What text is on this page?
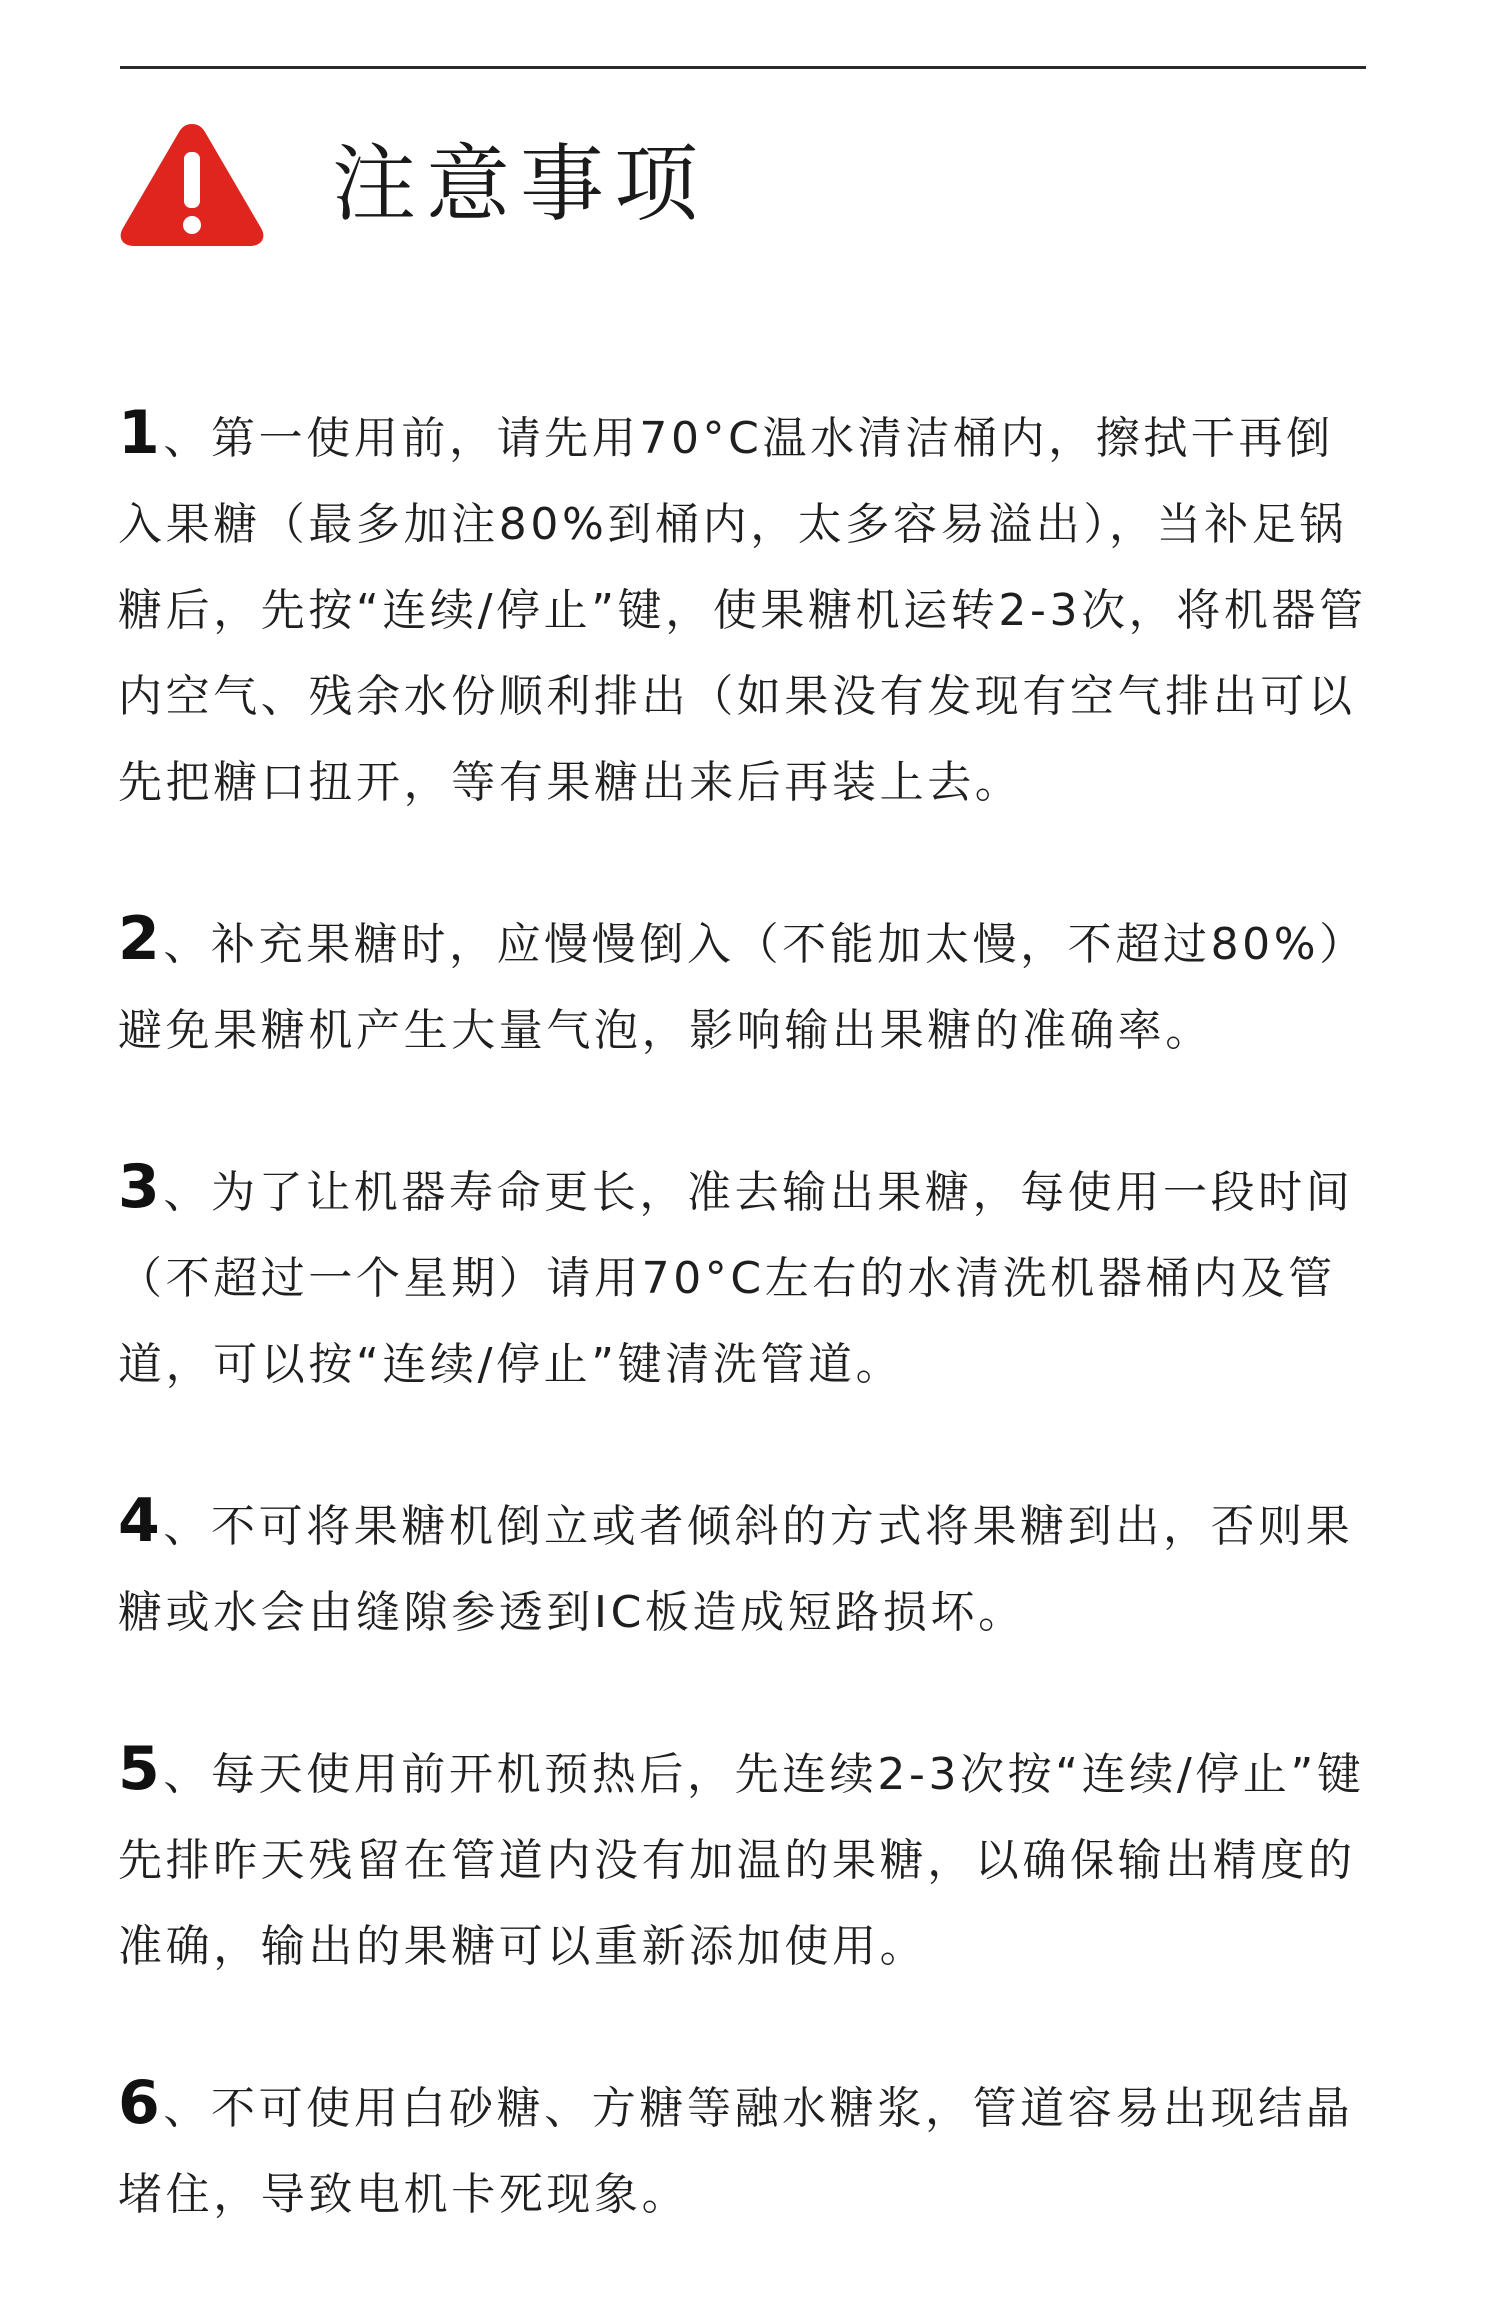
注意事项
1、第一使用前，请先用70°C温水清洁桶内，擦拭干再倒入果糖（最多加注80%到桶内，太多容易溢出），当补足锅糖后，先按“连续/停止”键，使果糖机运转2-3次，将机器管内空气、残余水份顺利排出（如果没有发现有空气排出可以先把糖口扭开，等有果糖出来后再装上去。
2、补充果糖时，应慢慢倒入（不能加太慢，不超过80%）避免果糖机产生大量气泡，影响输出果糖的准确率。
3、为了让机器寿命更长，准去输出果糖，每使用一段时间（不超过一个星期）请用70°C左右的水清洗机器桶内及管道，可以按“连续/停止”键清洗管道。
4、不可将果糖机倒立或者倾斜的方式将果糖到出，否则果糖或水会由缝隙参透到IC板造成短路损坏。
5、每天使用前开机预热后，先连续2-3次按“连续/停止”键先排昨天残留在管道内没有加温的果糖，以确保输出精度的准确，输出的果糖可以重新添加使用。
6、不可使用白砂糖、方糖等融水糖浆，管道容易出现结晶堵住，导致电机卡死现象。
